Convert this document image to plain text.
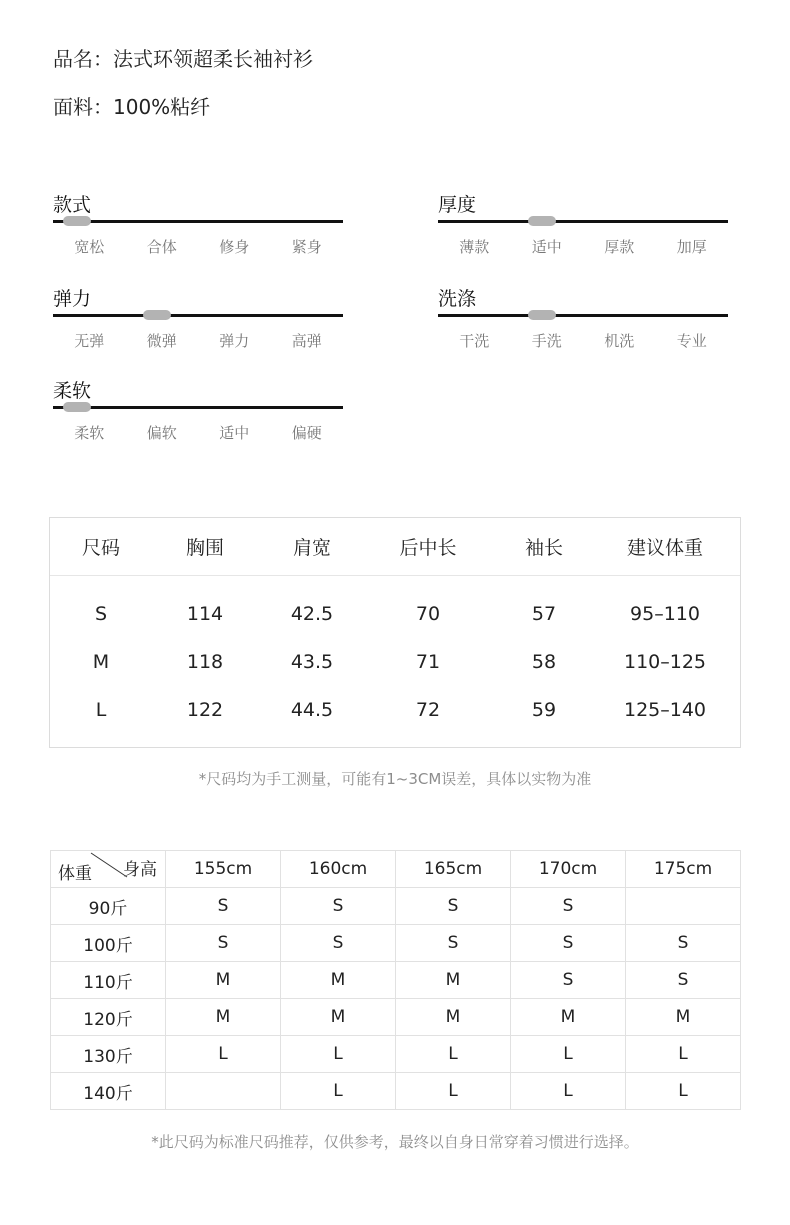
品名：法式环领超柔长袖衬衫
面料：100%粘纤
款式
宽松	合体	修身	紧身
厚度
薄款	适中	厚款	加厚
弹力
无弹	微弹	弹力	高弹
洗涤
干洗	手洗	机洗	专业
柔软
柔软	偏软	适中	偏硬
尺码	胸围	肩宽	后中长	袖长	建议体重
S	114	42.5	70	57	95–110
M	118	43.5	71	58	110–125
L	122	44.5	72	59	125–140
*尺码均为手工测量，可能有1~3CM误差，具体以实物为准
体重 身高	155cm	160cm	165cm	170cm	175cm
90斤	S	S	S	S	
100斤	S	S	S	S	S
110斤	M	M	M	S	S
120斤	M	M	M	M	M
130斤	L	L	L	L	L
140斤		L	L	L	L
*此尺码为标准尺码推荐，仅供参考，最终以自身日常穿着习惯进行选择。
